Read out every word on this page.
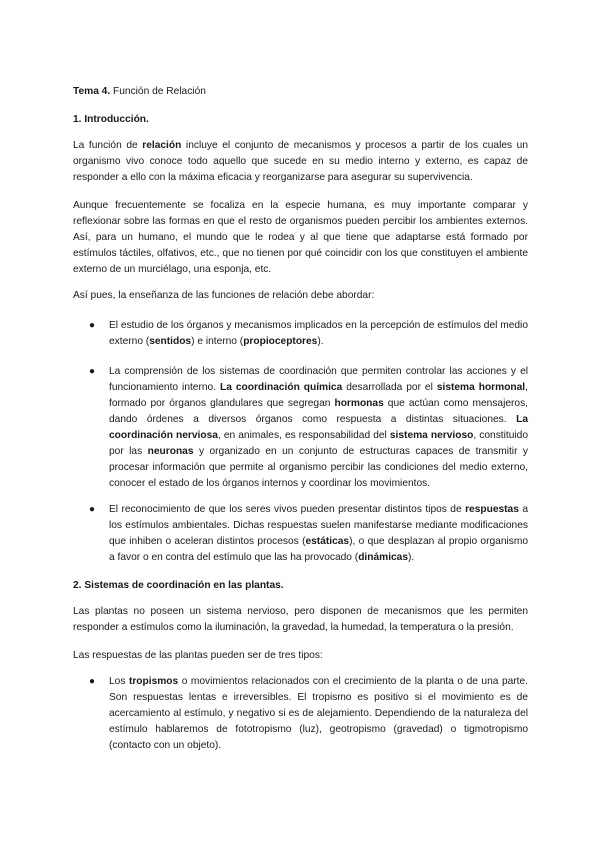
Tema 4. Función de Relación
1. Introducción.
La función de relación incluye el conjunto de mecanismos y procesos a partir de los cuales un organismo vivo conoce todo aquello que sucede en su medio interno y externo, es capaz de responder a ello con la máxima eficacia y reorganizarse para asegurar su supervivencia.
Aunque frecuentemente se focaliza en la especie humana, es muy importante comparar y reflexionar sobre las formas en que el resto de organismos pueden percibir los ambientes externos. Así, para un humano, el mundo que le rodea y al que tiene que adaptarse está formado por estímulos táctiles, olfativos, etc., que no tienen por qué coincidir con los que constituyen el ambiente externo de un murciélago, una esponja, etc.
Así pues, la enseñanza de las funciones de relación debe abordar:
● El estudio de los órganos y mecanismos implicados en la percepción de estímulos del medio externo (sentidos) e interno (propioceptores).
● La comprensión de los sistemas de coordinación que permiten controlar las acciones y el funcionamiento interno. La coordinación química desarrollada por el sistema hormonal, formado por órganos glandulares que segregan hormonas que actúan como mensajeros, dando órdenes a diversos órganos como respuesta a distintas situaciones. La coordinación nerviosa, en animales, es responsabilidad del sistema nervioso, constituido por las neuronas y organizado en un conjunto de estructuras capaces de transmitir y procesar información que permite al organismo percibir las condiciones del medio externo, conocer el estado de los órganos internos y coordinar los movimientos.
● El reconocimiento de que los seres vivos pueden presentar distintos tipos de respuestas a los estímulos ambientales. Dichas respuestas suelen manifestarse mediante modificaciones que inhiben o aceleran distintos procesos (estáticas), o que desplazan al propio organismo a favor o en contra del estímulo que las ha provocado (dinámicas).
2. Sistemas de coordinación en las plantas.
Las plantas no poseen un sistema nervioso, pero disponen de mecanismos que les permiten responder a estímulos como la iluminación, la gravedad, la humedad, la temperatura o la presión.
Las respuestas de las plantas pueden ser de tres tipos:
● Los tropismos o movimientos relacionados con el crecimiento de la planta o de una parte. Son respuestas lentas e irreversibles. El tropismo es positivo si el movimiento es de acercamiento al estímulo, y negativo si es de alejamiento. Dependiendo de la naturaleza del estímulo hablaremos de fototropismo (luz), geotropismo (gravedad) o tigmotropismo (contacto con un objeto).
